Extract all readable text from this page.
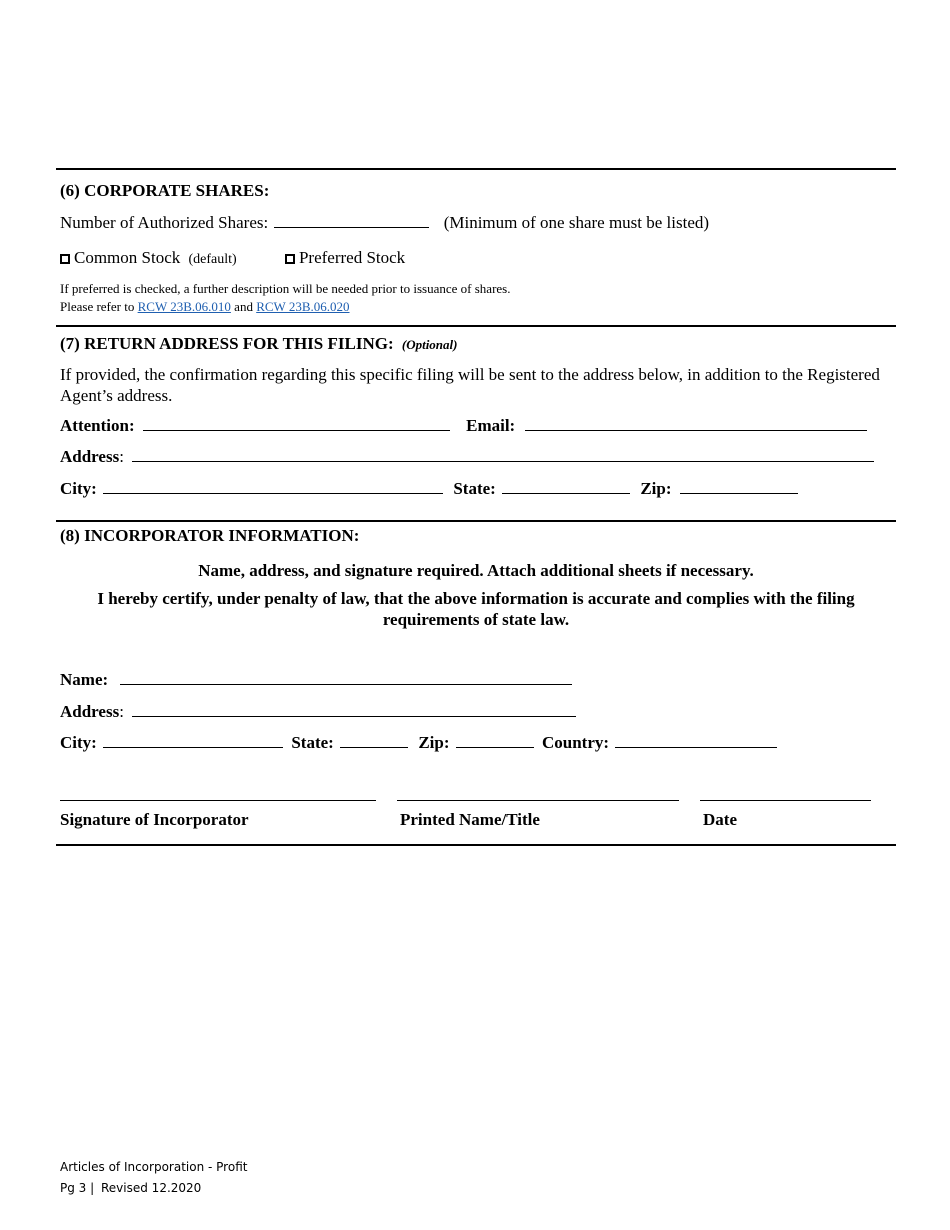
(6) CORPORATE SHARES:
Number of Authorized Shares:	(Minimum of one share must be listed)
Common Stock (default)	Preferred Stock
If preferred is checked, a further description will be needed prior to issuance of shares.
Please refer to RCW 23B.06.010 and RCW 23B.06.020
(7) RETURN ADDRESS FOR THIS FILING: (Optional)
If provided, the confirmation regarding this specific filing will be sent to the address below, in addition to the Registered
Agent’s address.
Attention:	Email:
Address:
City:	State:	Zip:
(8) INCORPORATOR INFORMATION:
Name, address, and signature required. Attach additional sheets if necessary.
I hereby certify, under penalty of law, that the above information is accurate and complies with the filing
requirements of state law.
Name:
Address:
City:	State:	Zip:	Country:
Signature of Incorporator	Printed Name/Title	Date
Articles of Incorporation - Profit
Pg 3 | Revised 12.2020
